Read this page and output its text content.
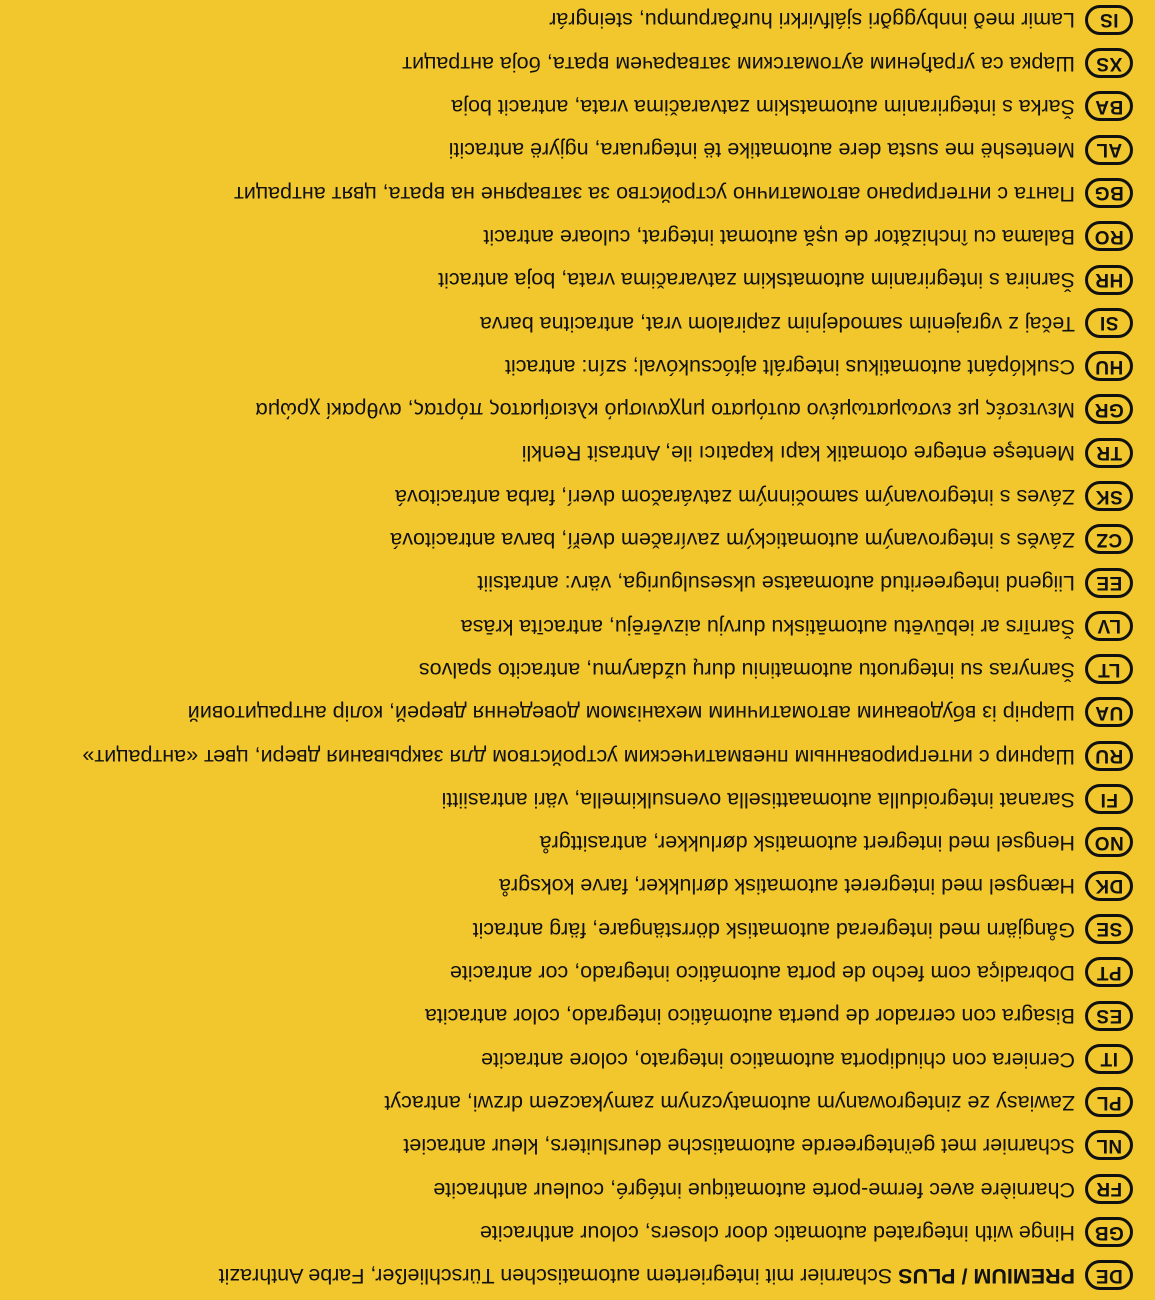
DE
PREMIUM / PLUSScharnier mit integriertem automatischen Türschließer, Farbe Anthrazit
GB
Hinge with integrated automatic door closers, colour anthracite
FR
Charnière avec ferme-porte automatique intégré, couleur anthracite
NL
Scharnier met geïntegreerde automatische deursluiters, kleur antraciet
PL
Zawiasy ze zintegrowanym automatycznym zamykaczem drzwi, antracyt
IT
Cerniera con chiudiporta automatico integrato, colore antracite
ES
Bisagra con cerrador de puerta automático integrado, color antracita
PT
Dobradiça com fecho de porta automático integrado, cor antracite
SE
Gångjärn med integrerad automatisk dörrstängare, färg antracit
DK
Hængsel med integreret automatisk dørlukker, farve koksgrå
NO
Hengsel med integrert automatisk dørlukker, antrasittgrå
FI
Saranat integroidulla automaattisella ovensulkimella, väri antrasiitti
RU
Шарнир с интегрированным пневматическим устройством для закрывания двери, цвет «антрацит»
UA
Шарнір із вбудованим автоматичним механізмом доведення дверей, колір антрацитовий
LT
Šarnyras su integruotu automatiniu durų uždarymu, antracito spalvos
LV
Šarnīrs ar iebūvētu automātisku durvju aizvērēju, antracīta krāsa
EE
Liigend integreeritud automaatse uksesulguriga, värv: antratsiit
CZ
Závěs s integrovaným automatickým zavíračem dveří, barva antracitová
SK
Záves s integrovaným samočinným zatváračom dverí, farba antracitová
TR
Menteşe entegre otomatik kapı kapatıcı ile, Antrasit Renkli
GR
Μεντεσές με ενσωματωμένο αυτόματο μηχανισμό κλεισίματος πόρτας, ανθρακί χρώμα
HU
Csuklópánt automatikus integrált ajtócsukóval; szín: antracit
SI
Tečaj z vgrajenim samodejnim zapiralom vrat, antracitna barva
HR
Šarnira s integriranim automatskim zatvaračima vrata, boja antracit
RO
Balama cu închizător de ușă automat integrat, culoare antracit
BG
Панта с интегрирано автоматично устройство за затваряне на врата, цвят антрацит
AL
Menteshë me susta dere automatike të integruara, ngjyrë antraciti
BA
Šarka s integriranim automatskim zatvaračima vrata, antracit boja
XS
Шарка са уграђеним аутоматским затварачем врата, боја антрацит
IS
Lamir með innbyggðri sjálfvirkri hurðarpumpu, steingrár
